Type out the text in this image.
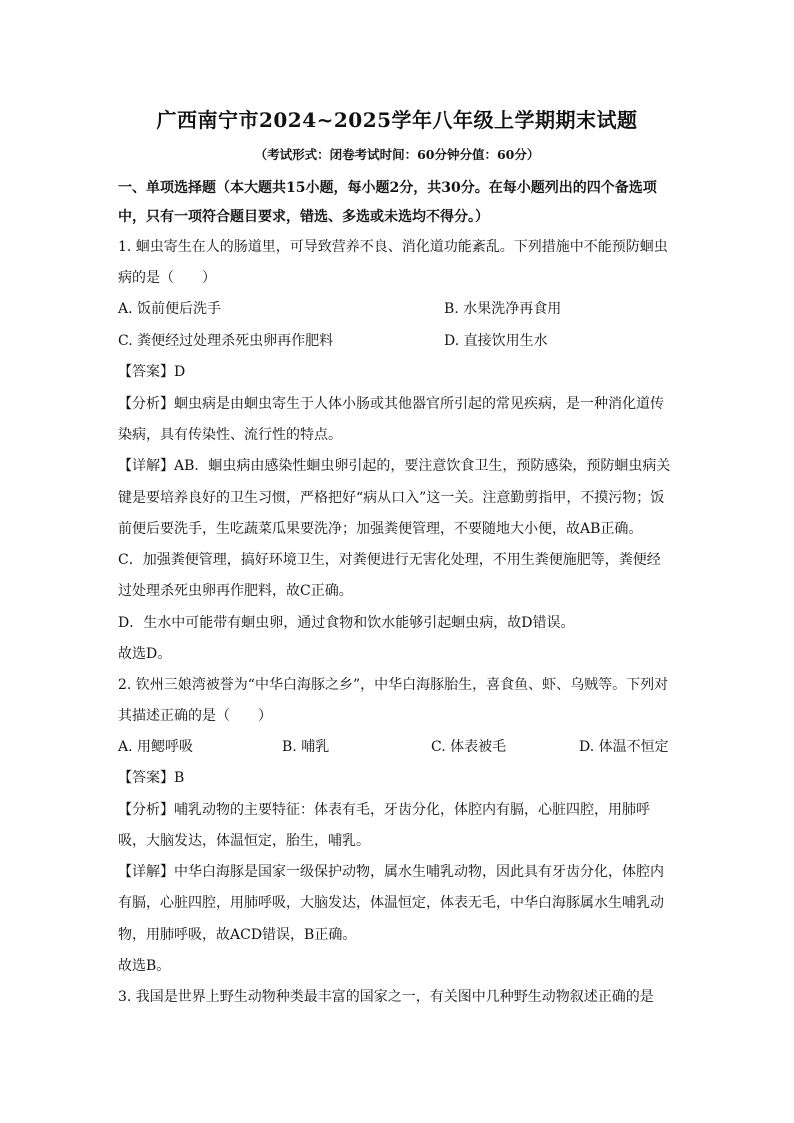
广西南宁市2024~2025学年八年级上学期期末试题
（考试形式：闭卷考试时间：60分钟分值：60分）
一、单项选择题（本大题共15小题，每小题2分，共30分。在每小题列出的四个备选项
中，只有一项符合题目要求，错选、多选或未选均不得分。）
1. 蛔虫寄生在人的肠道里，可导致营养不良、消化道功能紊乱。下列措施中不能预防蛔虫
病的是（　　）
A. 饭前便后洗手	B. 水果洗净再食用
C. 粪便经过处理杀死虫卵再作肥料	D. 直接饮用生水
【答案】D
【分析】蛔虫病是由蛔虫寄生于人体小肠或其他器官所引起的常见疾病，是一种消化道传
染病，具有传染性、流行性的特点。
【详解】AB．蛔虫病由感染性蛔虫卵引起的，要注意饮食卫生，预防感染，预防蛔虫病关
键是要培养良好的卫生习惯，严格把好“病从口入”这一关。注意勤剪指甲，不摸污物；饭
前便后要洗手，生吃蔬菜瓜果要洗净；加强粪便管理，不要随地大小便，故AB正确。
C．加强粪便管理，搞好环境卫生，对粪便进行无害化处理，不用生粪便施肥等，粪便经
过处理杀死虫卵再作肥料，故C正确。
D．生水中可能带有蛔虫卵，通过食物和饮水能够引起蛔虫病，故D错误。
故选D。
2. 钦州三娘湾被誉为“中华白海豚之乡”，中华白海豚胎生，喜食鱼、虾、乌贼等。下列对
其描述正确的是（　　）
A. 用鳃呼吸	B. 哺乳	C. 体表被毛	D. 体温不恒定
【答案】B
【分析】哺乳动物的主要特征：体表有毛，牙齿分化，体腔内有膈，心脏四腔，用肺呼
吸，大脑发达，体温恒定，胎生，哺乳。
【详解】中华白海豚是国家一级保护动物，属水生哺乳动物，因此具有牙齿分化，体腔内
有膈，心脏四腔，用肺呼吸，大脑发达，体温恒定，体表无毛，中华白海豚属水生哺乳动
物，用肺呼吸，故ACD错误，B正确。
故选B。
3. 我国是世界上野生动物种类最丰富的国家之一，有关图中几种野生动物叙述正确的是
